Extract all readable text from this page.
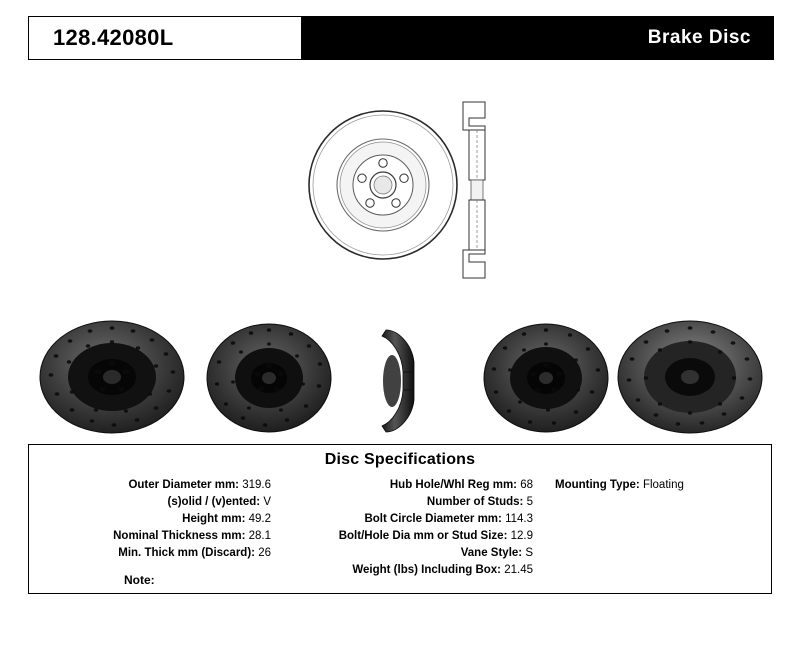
128.42080L	Brake Disc
Disc Specifications
Outer Diameter mm: 319.6
(s)olid / (v)ented: V
Height mm: 49.2
Nominal Thickness mm: 28.1
Min. Thick mm (Discard): 26
Hub Hole/Whl Reg mm: 68
Number of Studs: 5
Bolt Circle Diameter mm: 114.3
Bolt/Hole Dia mm or Stud Size: 12.9
Vane Style: S
Weight (lbs) Including Box: 21.45
Mounting Type: Floating
Note:
